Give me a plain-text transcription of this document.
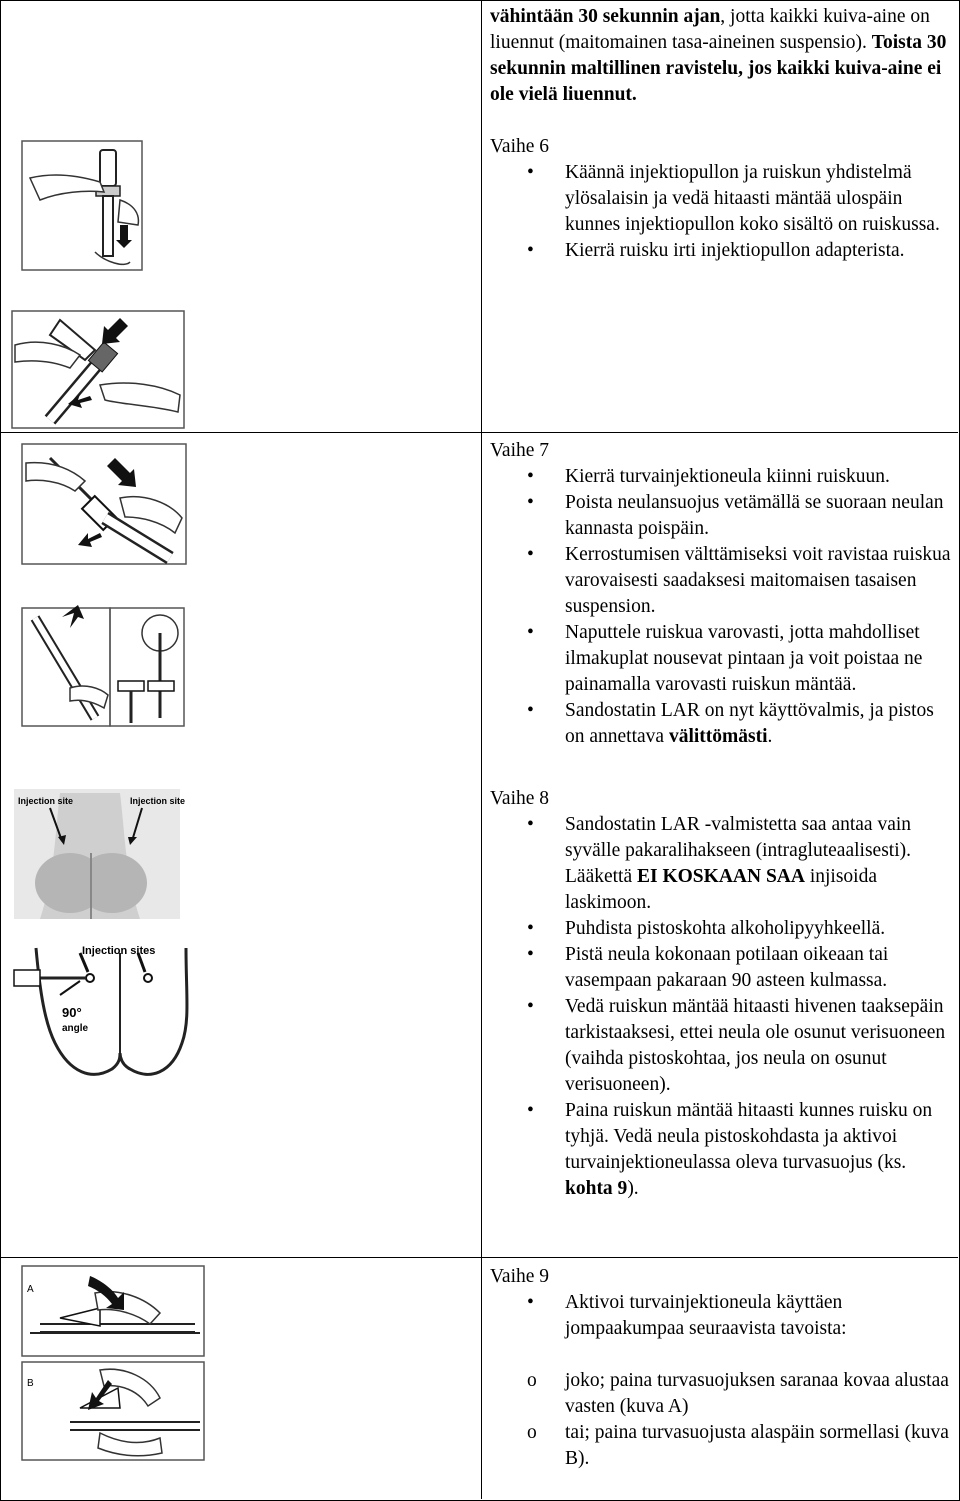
Injection site	Injection site
Injection sites
90°
angle
A
B

vähintään 30 sekunnin ajan, jotta kaikki kuiva-aine on liuennut (maitomainen tasa-aineinen suspensio). Toista 30 sekunnin maltillinen ravistelu, jos kaikki kuiva-aine ei ole vielä liuennut.

Vaihe 6

• Käännä injektiopullon ja ruiskun yhdistelmä ylösalaisin ja vedä hitaasti mäntää ulospäin kunnes injektiopullon koko sisältö on ruiskussa.
• Kierrä ruisku irti injektiopullon adapterista.

Vaihe 7

• Kierrä turvainjektioneula kiinni ruiskuun.
• Poista neulansuojus vetämällä se suoraan neulan kannasta poispäin.
• Kerrostumisen välttämiseksi voit ravistaa ruiskua varovaisesti saadaksesi maitomaisen tasaisen suspension.
• Naputtele ruiskua varovasti, jotta mahdolliset ilmakuplat nousevat pintaan ja voit poistaa ne painamalla varovasti ruiskun mäntää.
• Sandostatin LAR on nyt käyttövalmis, ja pistos on annettava välittömästi.

Vaihe 8

• Sandostatin LAR -valmistetta saa antaa vain syvälle pakaralihakseen (intragluteaalisesti). Lääkettä EI KOSKAAN SAA injisoida laskimoon.
• Puhdista pistoskohta alkoholipyyhkeellä.
• Pistä neula kokonaan potilaan oikeaan tai vasempaan pakaraan 90 asteen kulmassa.
• Vedä ruiskun mäntää hitaasti hivenen taaksepäin tarkistaaksesi, ettei neula ole osunut verisuoneen (vaihda pistoskohtaa, jos neula on osunut verisuoneen).
• Paina ruiskun mäntää hitaasti kunnes ruisku on tyhjä. Vedä neula pistoskohdasta ja aktivoi turvainjektioneulassa oleva turvasuojus (ks. kohta 9).

Vaihe 9

• Aktivoi turvainjektioneula käyttäen jompaakumpaa seuraavista tavoista:
o joko; paina turvasuojuksen saranaa kovaa alustaa vasten (kuva A)
o tai; paina turvasuojusta alaspäin sormellasi (kuva B).
